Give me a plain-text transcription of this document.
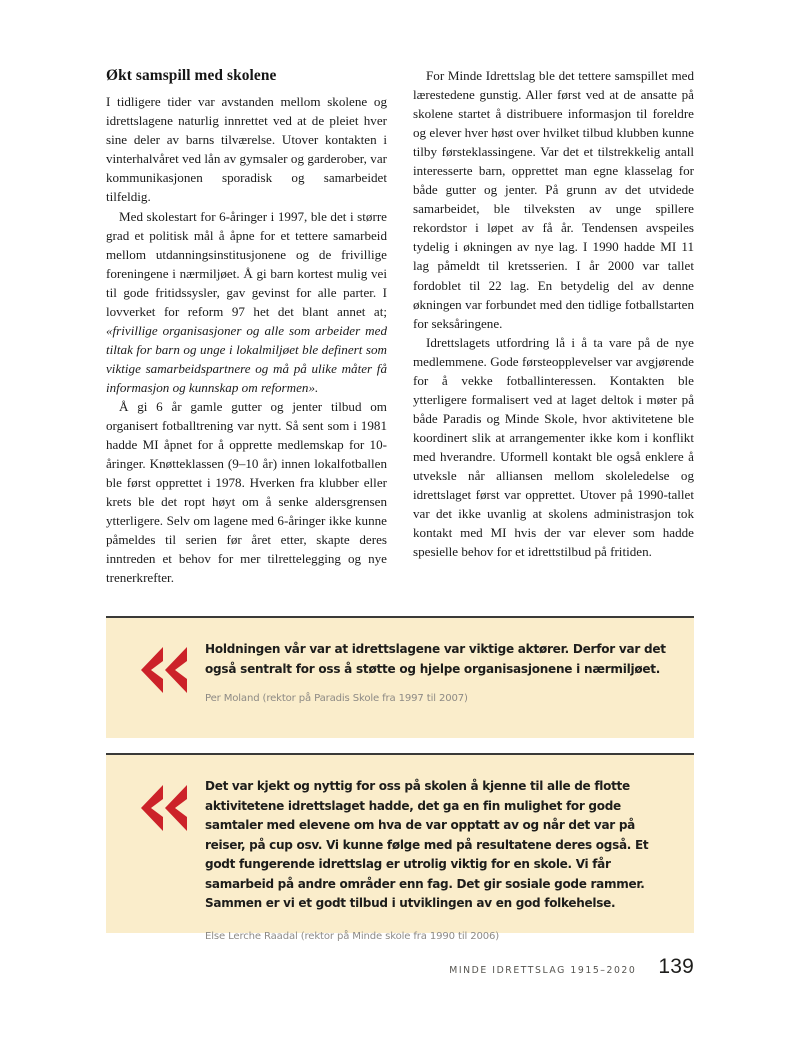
Økt samspill med skolene

I tidligere tider var avstanden mellom skolene og idrettslagene naturlig innrettet ved at de pleiet hver sine deler av barns tilværelse. Utover kontakten i vinterhalvåret ved lån av gymsaler og garderober, var kommunikasjonen sporadisk og samarbeidet tilfeldig.

Med skolestart for 6-åringer i 1997, ble det i større grad et politisk mål å åpne for et tettere samarbeid mellom utdanningsinstitusjonene og de frivillige foreningene i nærmiljøet. Å gi barn kortest mulig vei til gode fritidssysler, gav gevinst for alle parter. I lovverket for reform 97 het det blant annet at; «frivillige organisasjoner og alle som arbeider med tiltak for barn og unge i lokalmiljøet ble definert som viktige samarbeidspartnere og må på ulike måter få informasjon og kunnskap om reformen».

Å gi 6 år gamle gutter og jenter tilbud om organisert fotballtrening var nytt. Så sent som i 1981 hadde MI åpnet for å opprette medlemskap for 10-åringer. Knøtteklassen (9–10 år) innen lokalfotballen ble først opprettet i 1978. Hverken fra klubber eller krets ble det ropt høyt om å senke aldersgrensen ytterligere. Selv om lagene med 6-åringer ikke kunne påmeldes til serien før året etter, skapte deres inntreden et behov for mer tilrettelegging og nye trenerkrefter.

For Minde Idrettslag ble det tettere samspillet med lærestedene gunstig. Aller først ved at de ansatte på skolene startet å distribuere informasjon til foreldre og elever hver høst over hvilket tilbud klubben kunne tilby førsteklassingene. Var det et tilstrekkelig antall interesserte barn, opprettet man egne klasselag for både gutter og jenter. På grunn av det utvidede samarbeidet, ble tilveksten av unge spillere rekordstor i løpet av få år. Tendensen avspeiles tydelig i økningen av nye lag. I 1990 hadde MI 11 lag påmeldt til kretsserien. I år 2000 var tallet fordoblet til 22 lag. En betydelig del av denne økningen var forbundet med den tidlige fotballstarten for seksåringene.

Idrettslagets utfordring lå i å ta vare på de nye medlemmene. Gode førsteopplevelser var avgjørende for å vekke fotballinteressen. Kontakten ble ytterligere formalisert ved at laget deltok i møter på både Paradis og Minde Skole, hvor aktivitetene ble koordinert slik at arrangementer ikke kom i konflikt med hverandre. Uformell kontakt ble også enklere å utveksle når alliansen mellom skoleledelse og idrettslaget først var opprettet. Utover på 1990-tallet var det ikke uvanlig at skolens administrasjon tok kontakt med MI hvis der var elever som hadde spesielle behov for et idrettstilbud på fritiden.

Holdningen vår var at idrettslagene var viktige aktører. Derfor var det også sentralt for oss å støtte og hjelpe organisasjonene i nærmiljøet.

Per Moland (rektor på Paradis Skole fra 1997 til 2007)

Det var kjekt og nyttig for oss på skolen å kjenne til alle de flotte aktivitetene idrettslaget hadde, det ga en fin mulighet for gode samtaler med elevene om hva de var opptatt av og når det var på reiser, på cup osv. Vi kunne følge med på resultatene deres også. Et godt fungerende idrettslag er utrolig viktig for en skole. Vi får samarbeid på andre områder enn fag. Det gir sosiale gode rammer. Sammen er vi et godt tilbud i utviklingen av en god folkehelse.

Else Lerche Raadal (rektor på Minde skole fra 1990 til 2006)

MINDE IDRETTSLAG 1915–2020 139
